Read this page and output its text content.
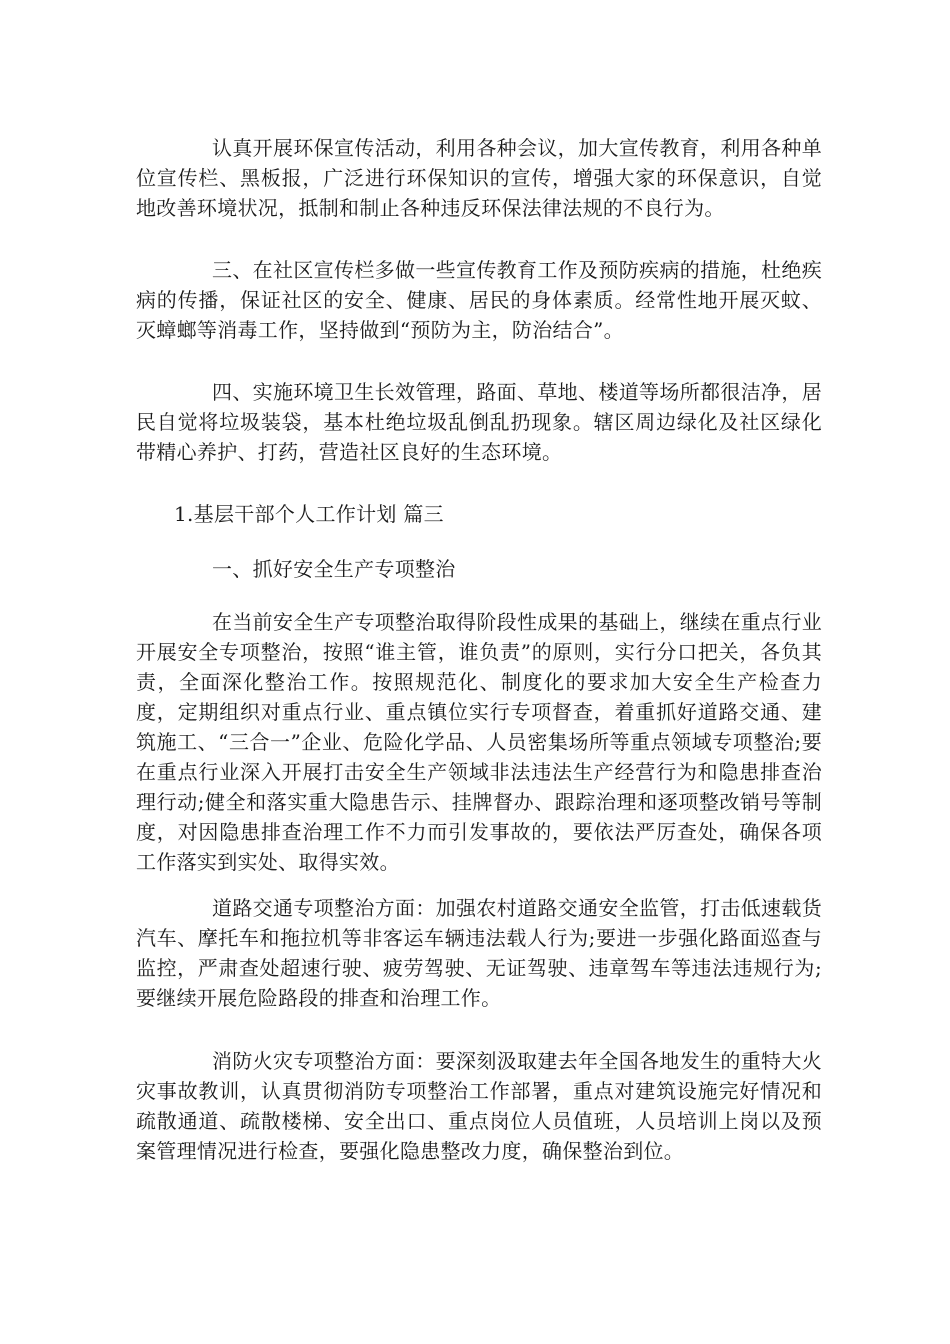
认真开展环保宣传活动，利用各种会议，加大宣传教育，利用各种单位宣传栏、黑板报，广泛进行环保知识的宣传，增强大家的环保意识，自觉地改善环境状况，抵制和制止各种违反环保法律法规的不良行为。

三、在社区宣传栏多做一些宣传教育工作及预防疾病的措施，杜绝疾病的传播，保证社区的安全、健康、居民的身体素质。经常性地开展灭蚊、灭蟑螂等消毒工作，坚持做到“预防为主，防治结合”。

四、实施环境卫生长效管理，路面、草地、楼道等场所都很洁净，居民自觉将垃圾装袋，基本杜绝垃圾乱倒乱扔现象。辖区周边绿化及社区绿化带精心养护、打药，营造社区良好的生态环境。

1.基层干部个人工作计划 篇三

一、抓好安全生产专项整治

在当前安全生产专项整治取得阶段性成果的基础上，继续在重点行业开展安全专项整治，按照“谁主管，谁负责”的原则，实行分口把关，各负其责，全面深化整治工作。按照规范化、制度化的要求加大安全生产检查力度，定期组织对重点行业、重点镇位实行专项督查，着重抓好道路交通、建筑施工、“三合一”企业、危险化学品、人员密集场所等重点领域专项整治;要在重点行业深入开展打击安全生产领域非法违法生产经营行为和隐患排查治理行动;健全和落实重大隐患告示、挂牌督办、跟踪治理和逐项整改销号等制度，对因隐患排查治理工作不力而引发事故的，要依法严厉查处，确保各项工作落实到实处、取得实效。

道路交通专项整治方面：加强农村道路交通安全监管，打击低速载货汽车、摩托车和拖拉机等非客运车辆违法载人行为;要进一步强化路面巡查与监控，严肃查处超速行驶、疲劳驾驶、无证驾驶、违章驾车等违法违规行为;要继续开展危险路段的排查和治理工作。

消防火灾专项整治方面：要深刻汲取建去年全国各地发生的重特大火灾事故教训，认真贯彻消防专项整治工作部署，重点对建筑设施完好情况和疏散通道、疏散楼梯、安全出口、重点岗位人员值班，人员培训上岗以及预案管理情况进行检查，要强化隐患整改力度，确保整治到位。
